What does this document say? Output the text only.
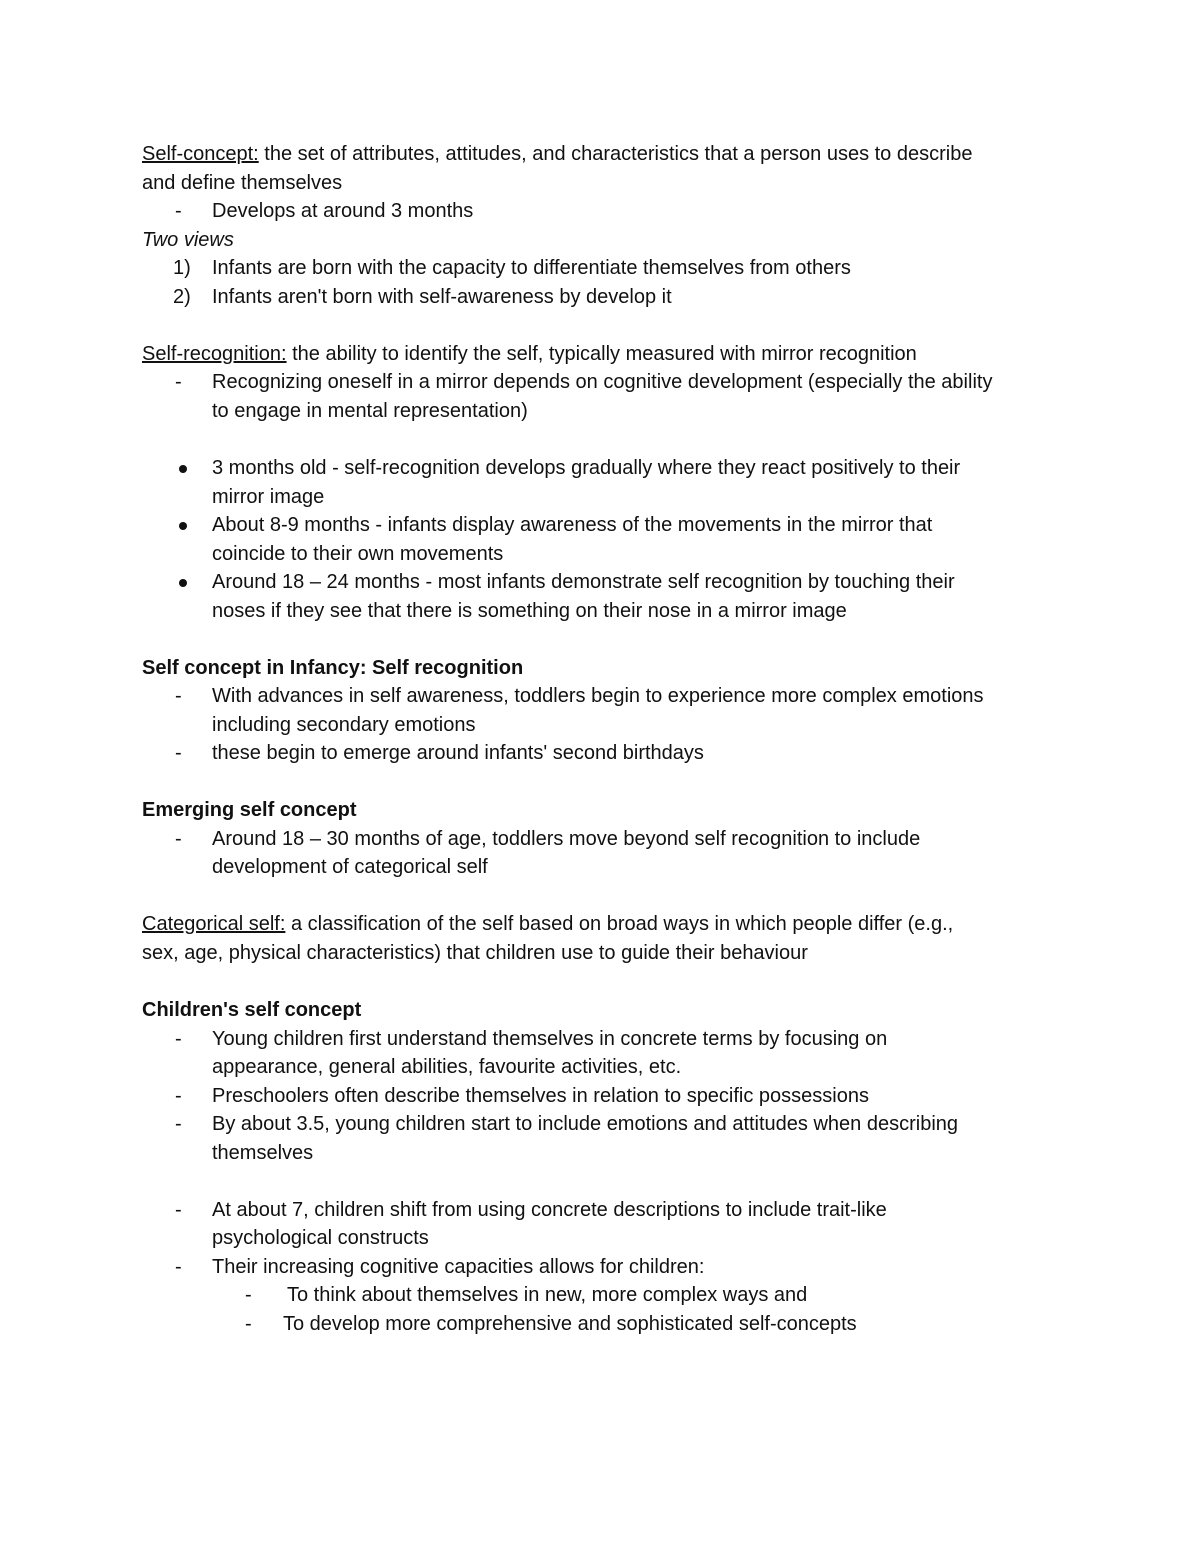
Self-concept: the set of attributes, attitudes, and characteristics that a person uses to describe
and define themselves
- Develops at around 3 months
Two views
1) Infants are born with the capacity to differentiate themselves from others
2) Infants aren't born with self-awareness by develop it
Self-recognition: the ability to identify the self, typically measured with mirror recognition
- Recognizing oneself in a mirror depends on cognitive development (especially the ability
to engage in mental representation)
3 months old - self-recognition develops gradually where they react positively to their
mirror image
About 8-9 months - infants display awareness of the movements in the mirror that
coincide to their own movements
Around 18 – 24 months - most infants demonstrate self recognition by touching their
noses if they see that there is something on their nose in a mirror image
Self concept in Infancy: Self recognition
- With advances in self awareness, toddlers begin to experience more complex emotions
including secondary emotions
- these begin to emerge around infants' second birthdays
Emerging self concept
- Around 18 – 30 months of age, toddlers move beyond self recognition to include
development of categorical self
Categorical self: a classification of the self based on broad ways in which people differ (e.g.,
sex, age, physical characteristics) that children use to guide their behaviour
Children's self concept
- Young children first understand themselves in concrete terms by focusing on
appearance, general abilities, favourite activities, etc.
- Preschoolers often describe themselves in relation to specific possessions
- By about 3.5, young children start to include emotions and attitudes when describing
themselves
- At about 7, children shift from using concrete descriptions to include trait-like
psychological constructs
- Their increasing cognitive capacities allows for children:
- To think about themselves in new, more complex ways and
- To develop more comprehensive and sophisticated self-concepts
